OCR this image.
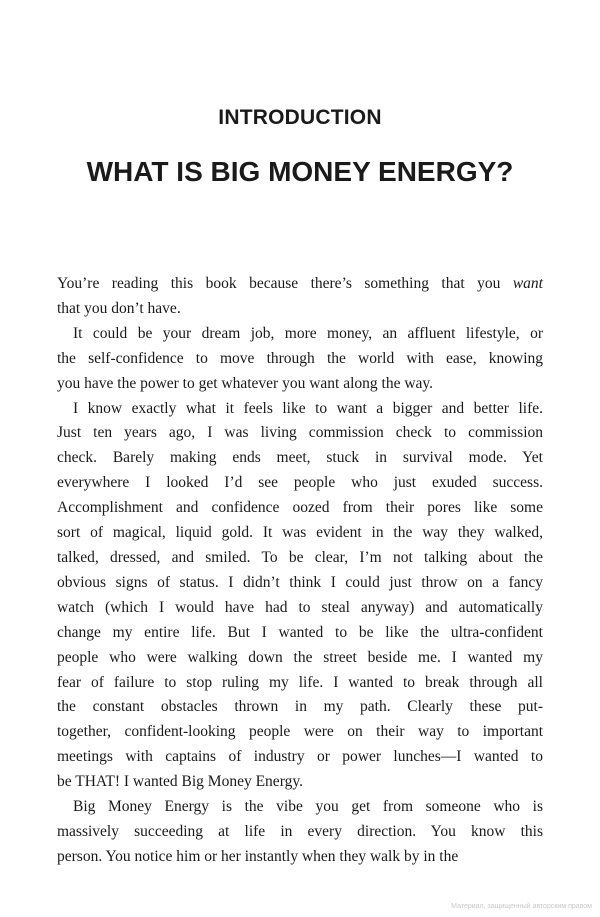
INTRODUCTION
WHAT IS BIG MONEY ENERGY?
You’re reading this book because there’s something that you want
that you don’t have.
It could be your dream job, more money, an affluent lifestyle, or
the self-confidence to move through the world with ease, knowing
you have the power to get whatever you want along the way.
I know exactly what it feels like to want a bigger and better life.
Just ten years ago, I was living commission check to commission
check. Barely making ends meet, stuck in survival mode. Yet
everywhere I looked I’d see people who just exuded success.
Accomplishment and confidence oozed from their pores like some
sort of magical, liquid gold. It was evident in the way they walked,
talked, dressed, and smiled. To be clear, I’m not talking about the
obvious signs of status. I didn’t think I could just throw on a fancy
watch (which I would have had to steal anyway) and automatically
change my entire life. But I wanted to be like the ultra-confident
people who were walking down the street beside me. I wanted my
fear of failure to stop ruling my life. I wanted to break through all
the constant obstacles thrown in my path. Clearly these put-
together, confident-looking people were on their way to important
meetings with captains of industry or power lunches—I wanted to
be THAT! I wanted Big Money Energy.
Big Money Energy is the vibe you get from someone who is
massively succeeding at life in every direction. You know this
person. You notice him or her instantly when they walk by in the
Материал, защищенный авторским правом
